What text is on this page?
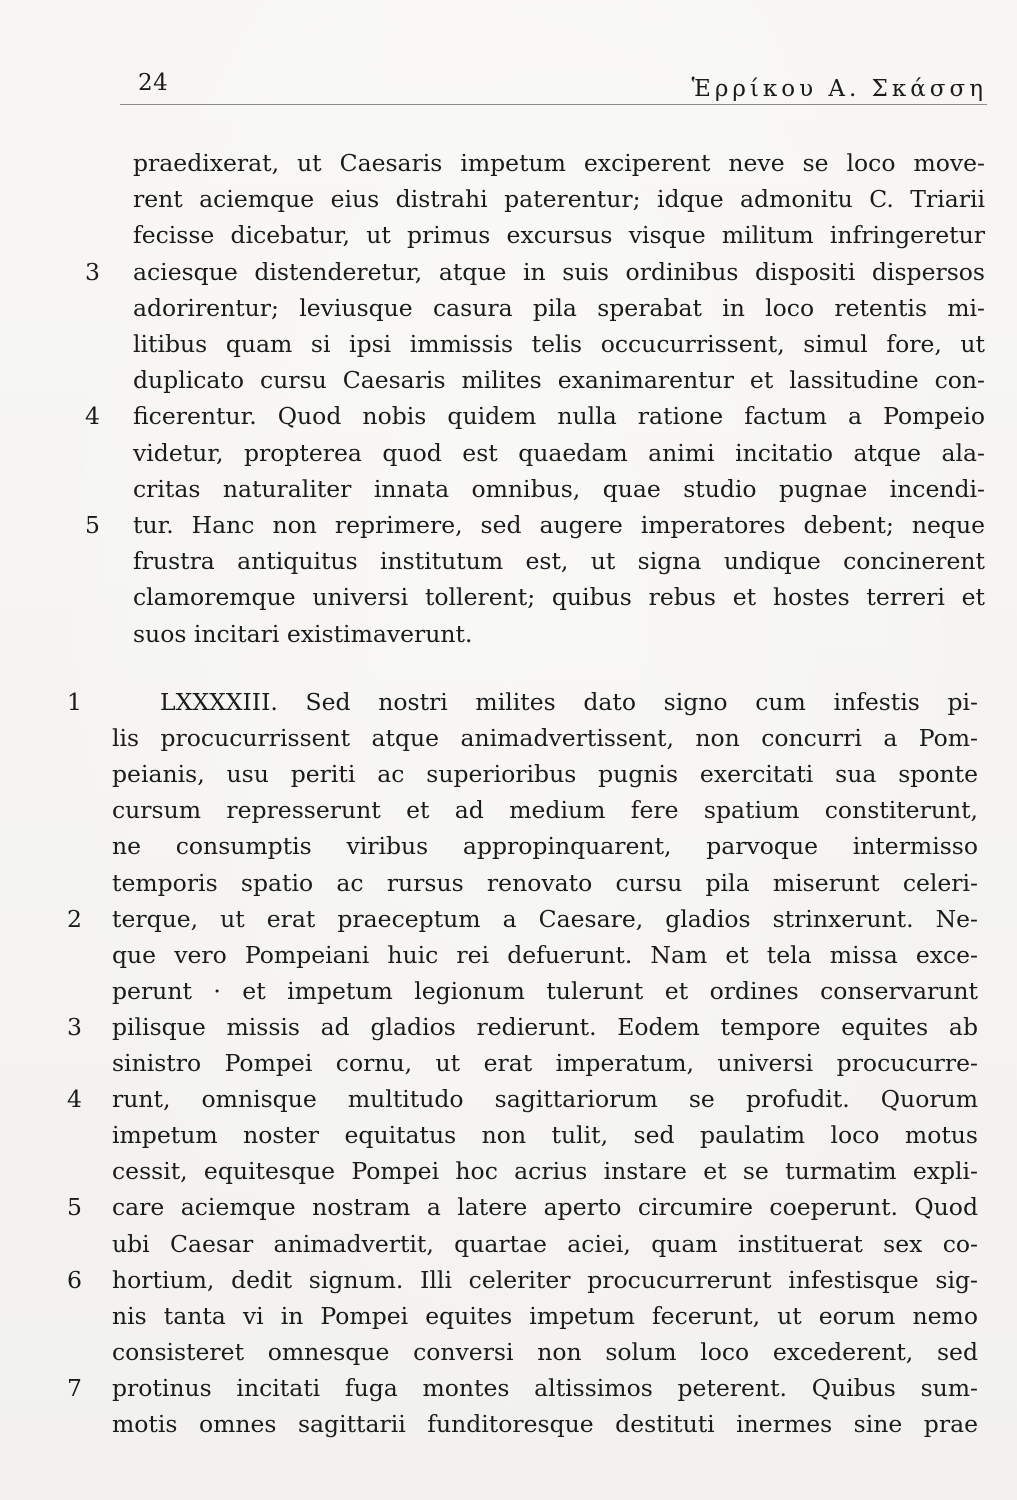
24	Ἑρρίκου Α. Σκάσση
praedixerat, ut Caesaris impetum exciperent neve se loco move-
rent aciemque eius distrahi paterentur; idque admonitu C. Triarii
fecisse dicebatur, ut primus excursus visque militum infringeretur
aciesque distenderetur, atque in suis ordinibus dispositi dispersos
3
adorirentur; leviusque casura pila sperabat in loco retentis mi-
litibus quam si ipsi immissis telis occucurrissent, simul fore, ut
duplicato cursu Caesaris milites exanimarentur et lassitudine con-
ficerentur. Quod nobis quidem nulla ratione factum a Pompeio
4
videtur, propterea quod est quaedam animi incitatio atque ala-
critas naturaliter innata omnibus, quae studio pugnae incendi-
tur. Hanc non reprimere, sed augere imperatores debent; neque
5
frustra antiquitus institutum est, ut signa undique concinerent
clamoremque universi tollerent; quibus rebus et hostes terreri et
suos incitari existimaverunt.
LXXXXIII. Sed nostri milites dato signo cum infestis pi-
1
lis procucurrissent atque animadvertissent, non concurri a Pom-
peianis, usu periti ac superioribus pugnis exercitati sua sponte
cursum represserunt et ad medium fere spatium constiterunt,
ne consumptis viribus appropinquarent, parvoque intermisso
temporis spatio ac rursus renovato cursu pila miserunt celeri-
terque, ut erat praeceptum a Caesare, gladios strinxerunt. Ne-
2
que vero Pompeiani huic rei defuerunt. Nam et tela missa exce-
perunt · et impetum legionum tulerunt et ordines conservarunt
pilisque missis ad gladios redierunt. Eodem tempore equites ab
3
sinistro Pompei cornu, ut erat imperatum, universi procucurre-
runt, omnisque multitudo sagittariorum se profudit. Quorum
4
impetum noster equitatus non tulit, sed paulatim loco motus
cessit, equitesque Pompei hoc acrius instare et se turmatim expli-
care aciemque nostram a latere aperto circumire coeperunt. Quod
5
ubi Caesar animadvertit, quartae aciei, quam instituerat sex co-
hortium, dedit signum. Illi celeriter procucurrerunt infestisque sig-
6
nis tanta vi in Pompei equites impetum fecerunt, ut eorum nemo
consisteret omnesque conversi non solum loco excederent, sed
protinus incitati fuga montes altissimos peterent. Quibus sum-
7
motis omnes sagittarii funditoresque destituti inermes sine prae
